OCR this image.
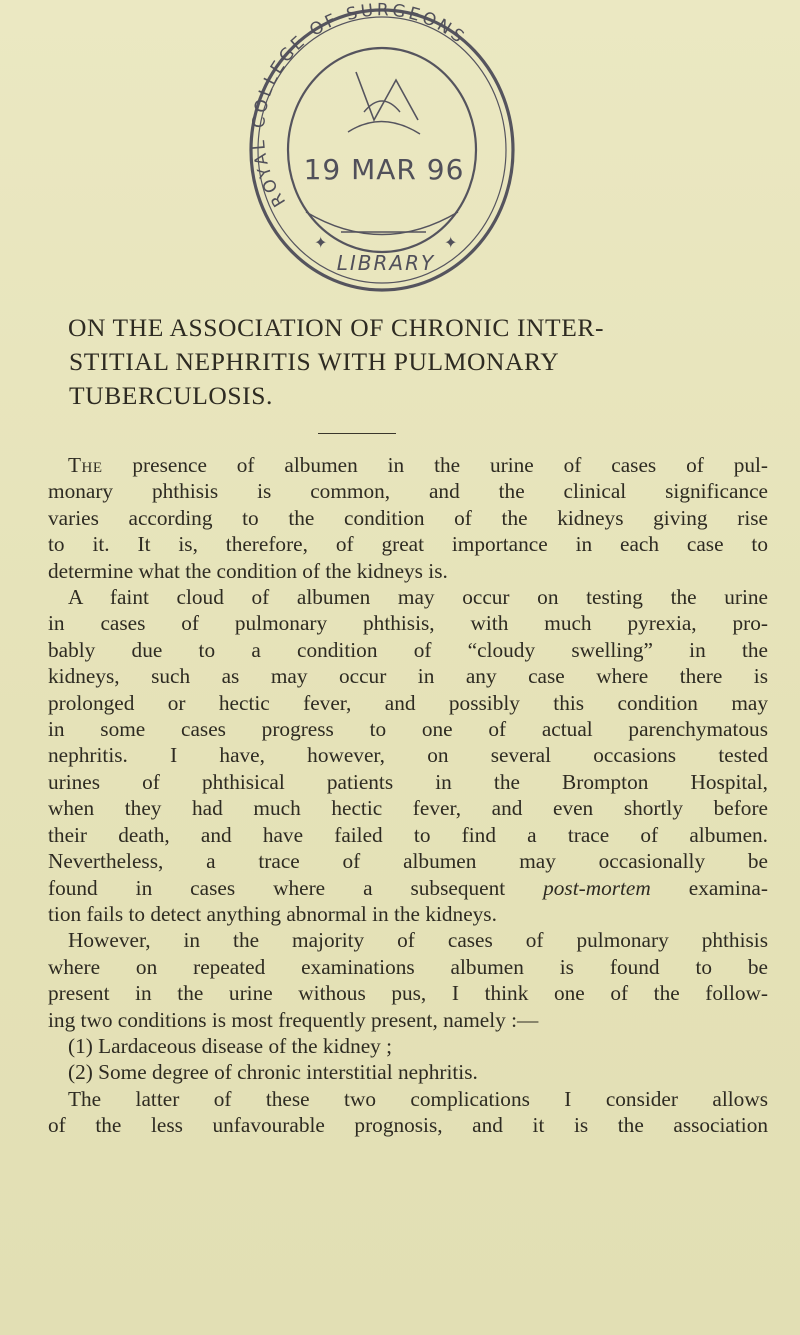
ROYAL COLLEGE OF SURGEONS
19 MAR 96
LIBRARY
✦	✦
ON THE ASSOCIATION OF CHRONIC INTER-
STITIAL NEPHRITIS WITH PULMONARY
TUBERCULOSIS.

The presence of albumen in the urine of cases of pul-

monary phthisis is common, and the clinical significance

varies according to the condition of the kidneys giving rise

to it. It is, therefore, of great importance in each case to

determine what the condition of the kidneys is.

A faint cloud of albumen may occur on testing the urine

in cases of pulmonary phthisis, with much pyrexia, pro-

bably due to a condition of “cloudy swelling” in the

kidneys, such as may occur in any case where there is

prolonged or hectic fever, and possibly this condition may

in some cases progress to one of actual parenchymatous

nephritis. I have, however, on several occasions tested

urines of phthisical patients in the Brompton Hospital,

when they had much hectic fever, and even shortly before

their death, and have failed to find a trace of albumen.

Nevertheless, a trace of albumen may occasionally be

found in cases where a subsequent post-mortem examina-

tion fails to detect anything abnormal in the kidneys.

However, in the majority of cases of pulmonary phthisis

where on repeated examinations albumen is found to be

present in the urine withous pus, I think one of the follow-

ing two conditions is most frequently present, namely :—

(1) Lardaceous disease of the kidney ;

(2) Some degree of chronic interstitial nephritis.

The latter of these two complications I consider allows

of the less unfavourable prognosis, and it is the association
